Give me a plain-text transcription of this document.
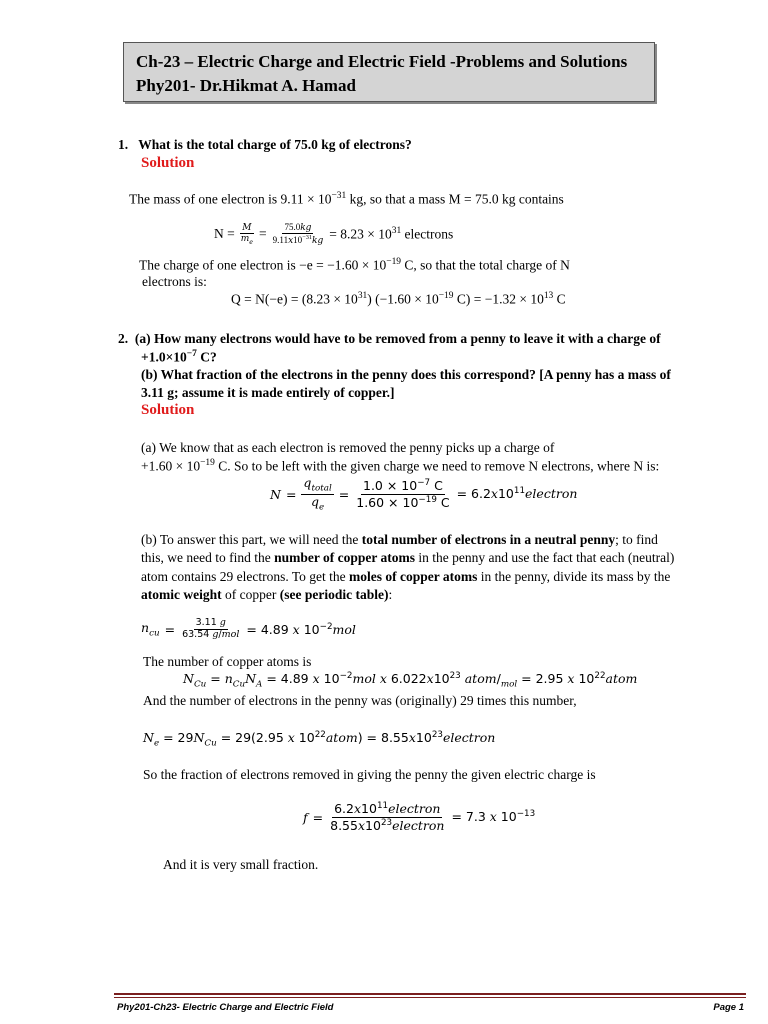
Ch-23 – Electric Charge and Electric Field -Problems and Solutions
Phy201- Dr.Hikmat A. Hamad
1. What is the total charge of 75.0 kg of electrons?
Solution
The mass of one electron is $9.11 \times 10^{-31}$ kg, so that a mass M = 75.0 kg contains
$N = \frac{M}{m_e} = \frac{75.0kg}{9.11x10^{-31}kg} = 8.23 \times 10^{31}$ electrons
The charge of one electron is $-e = -1.60 \times 10^{-19}$ C, so that the total charge of N
electrons is:
$Q = N(-e) = (8.23 \times 10^{31})$ ($-1.60 \times 10^{-19}$ $C) = -1.32 \times 10^{13}$ C
2.  (a) How many electrons would have to be removed from a penny to leave it with a charge of
$+1.0\times 10^{-7}$ C?
(b) What fraction of the electrons in the penny does this correspond? [A penny has a mass of
3.11 g; assume it is made entirely of copper.]
Solution
(a) We know that as each electron is removed the penny picks up a charge of
$+1.60 \times 10^{-19}$ C. So to be left with the given charge we need to remove N electrons, where N is:
$N = \frac{q_{total}}{q_e} = \frac{1.0 \times 10^{-7} C}{1.60 \times 10^{-19} C}$ = $6.2x10^{11}electron$
(b) To answer this part, we will need the total number of electrons in a neutral penny; to find
this, we need to find the number of copper atoms in the penny and use the fact that each (neutral)
atom contains 29 electrons. To get the moles of copper atoms in the penny, divide its mass by the
atomic weight of copper (see periodic table):
$n_{cu} = \frac{3.11 g}{\text{63.54 g/mol}} = 4.89$ x $10^{-2}mol$
The number of copper atoms is
$N_{Cu} = n_{Cu}N_A = 4.89$ x $10^{-2}mol$ x $6.022x10^{23}$ atom/$_{mol} = 2.95$ x $10^{22}atom$
And the number of electrons in the penny was (originally) 29 times this number,
$N_e = 29N_{Cu} = 29(2.95$ x $10^{22}atom$) = $8.55x10^{23}electron$
So the fraction of electrons removed in giving the penny the given electric charge is
$f = \frac{6.2x10^{11}electron}{8.55x10^{23}electron} = 7.3$ x $10^{-13}$
And it is very small fraction.
Phy201-Ch23- Electric Charge and Electric Field	Page 1
